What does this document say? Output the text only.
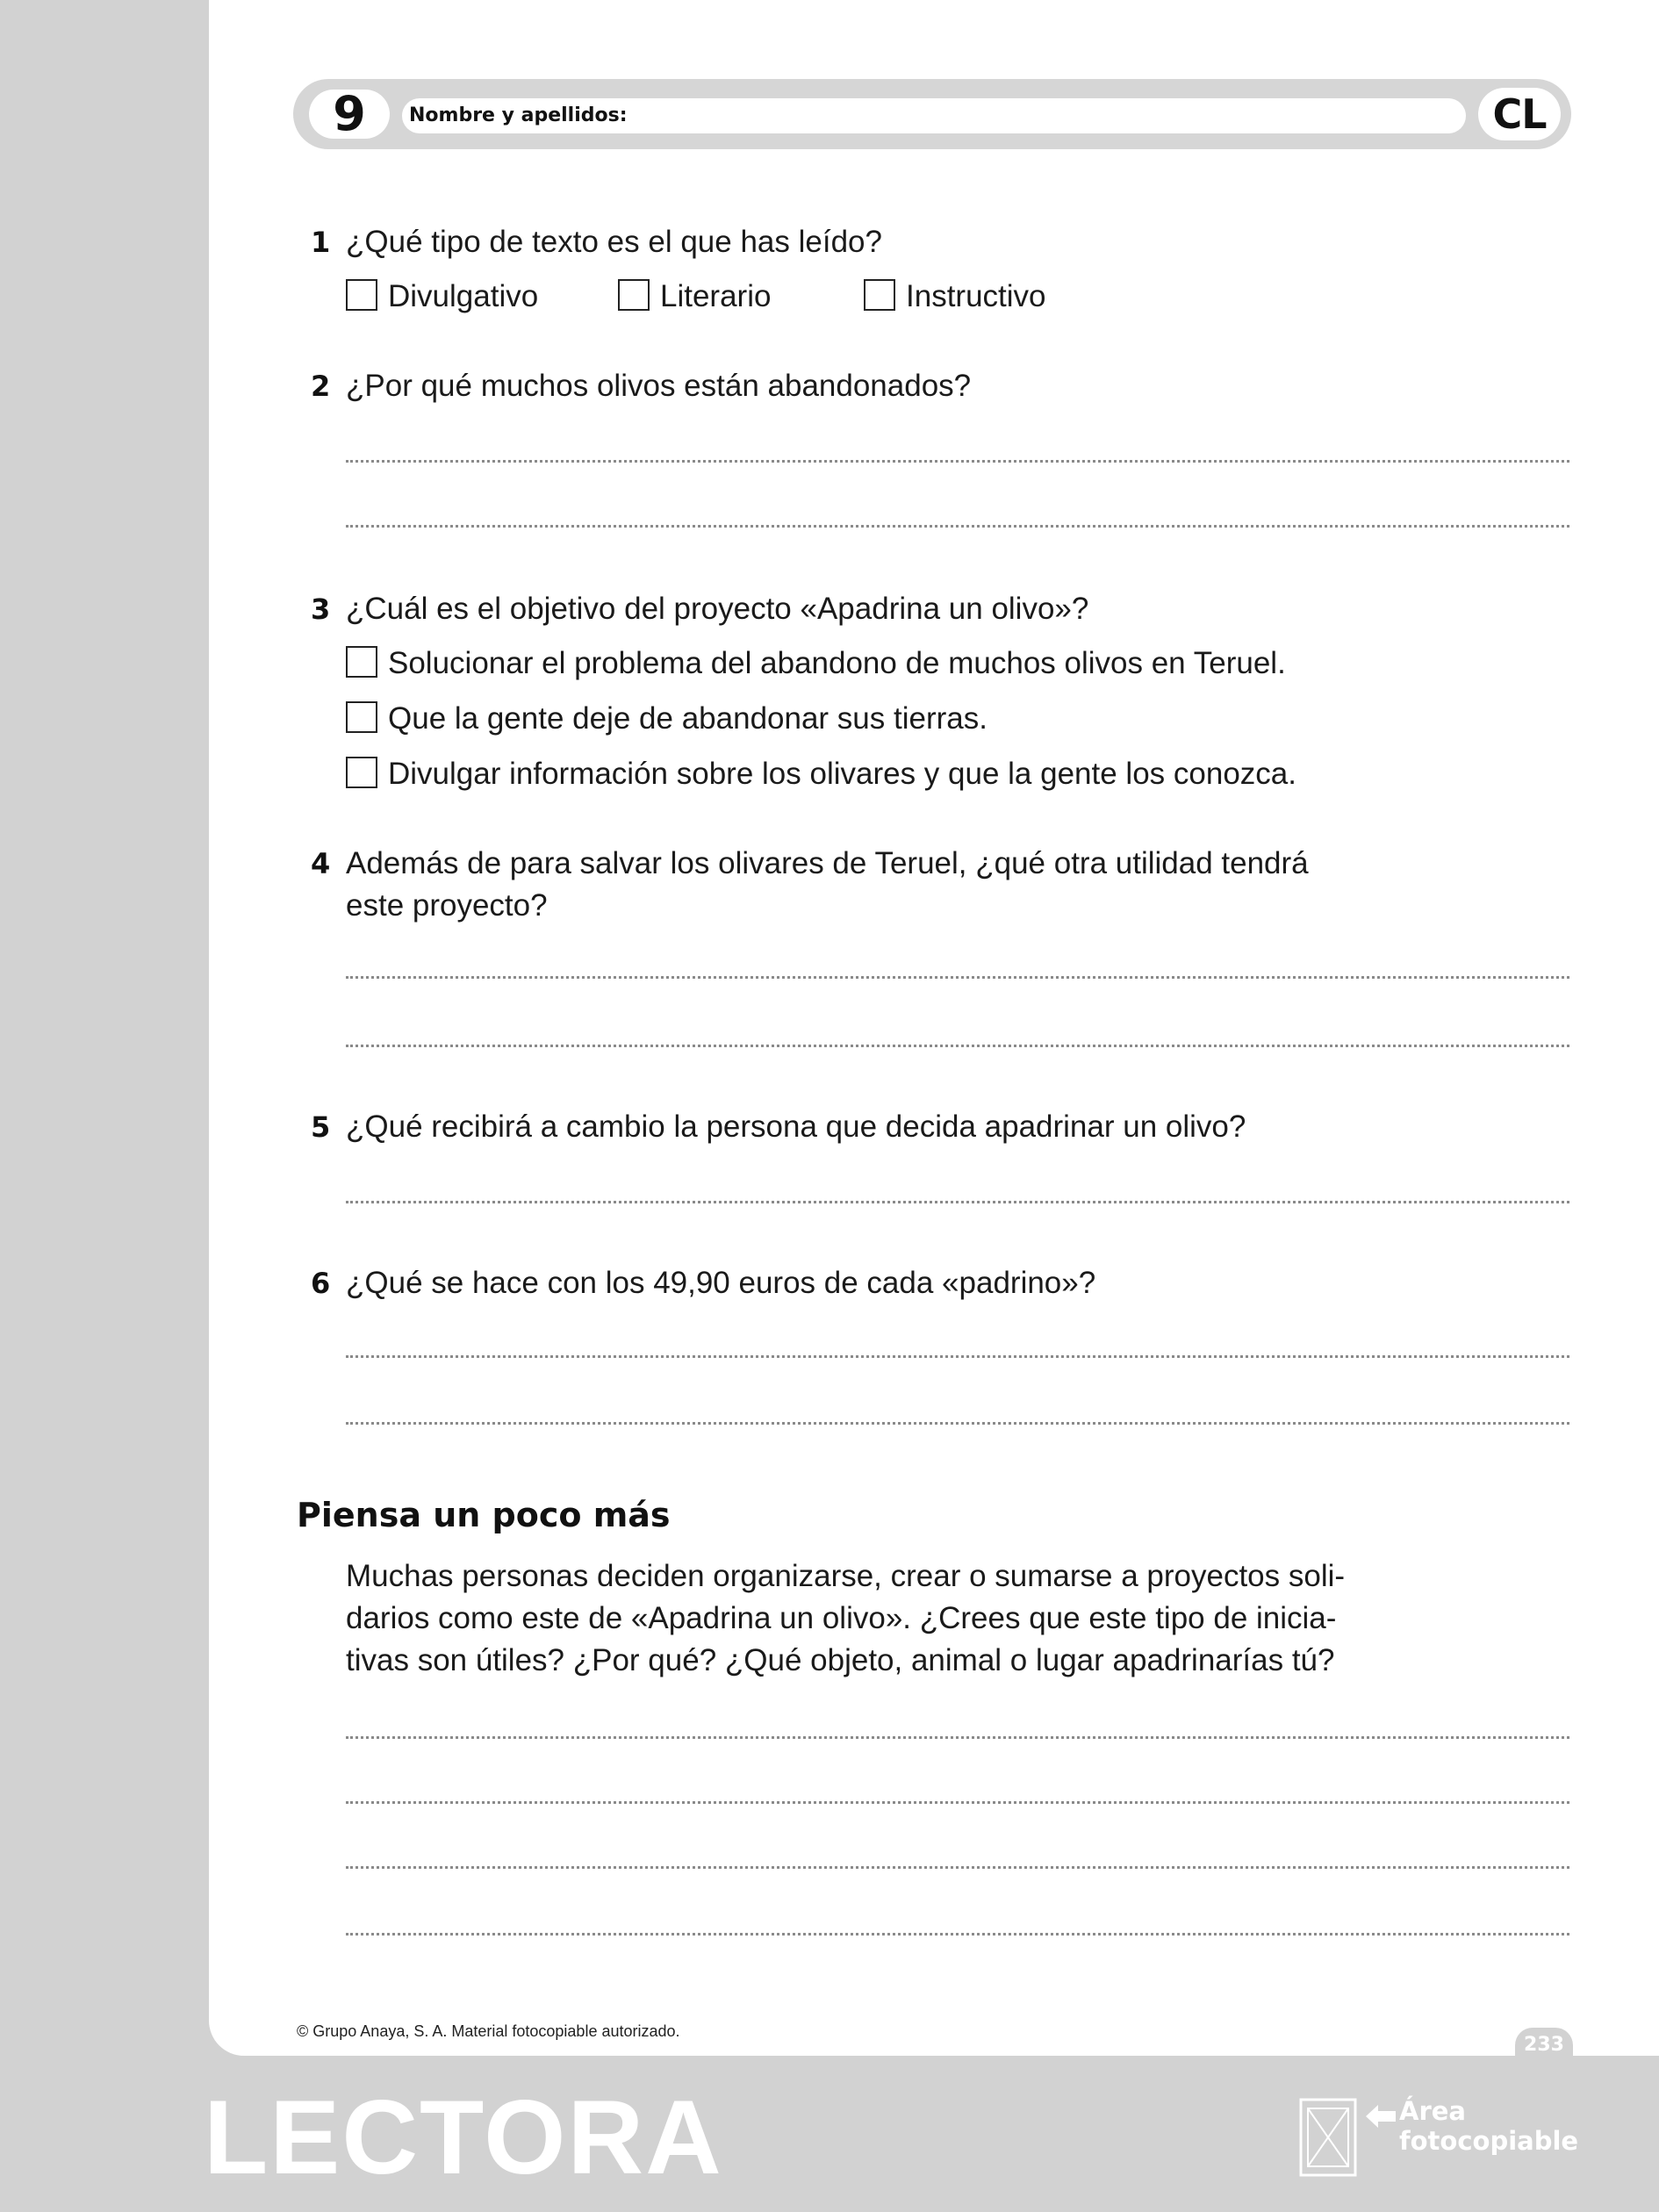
9	Nombre y apellidos:	CL
1 ¿Qué tipo de texto es el que has leído?
Divulgativo	Literario	Instructivo
2 ¿Por qué muchos olivos están abandonados?
3 ¿Cuál es el objetivo del proyecto «Apadrina un olivo»?
Solucionar el problema del abandono de muchos olivos en Teruel.
Que la gente deje de abandonar sus tierras.
Divulgar información sobre los olivares y que la gente los conozca.
4 Además de para salvar los olivares de Teruel, ¿qué otra utilidad tendrá
este proyecto?
5 ¿Qué recibirá a cambio la persona que decida apadrinar un olivo?
6 ¿Qué se hace con los 49,90 euros de cada «padrino»?
Piensa un poco más
Muchas personas deciden organizarse, crear o sumarse a proyectos soli-
darios como este de «Apadrina un olivo». ¿Crees que este tipo de inicia-
tivas son útiles? ¿Por qué? ¿Qué objeto, animal o lugar apadrinarías tú?
© Grupo Anaya, S. A. Material fotocopiable autorizado.
233
LECTORA	Área
fotocopiable
